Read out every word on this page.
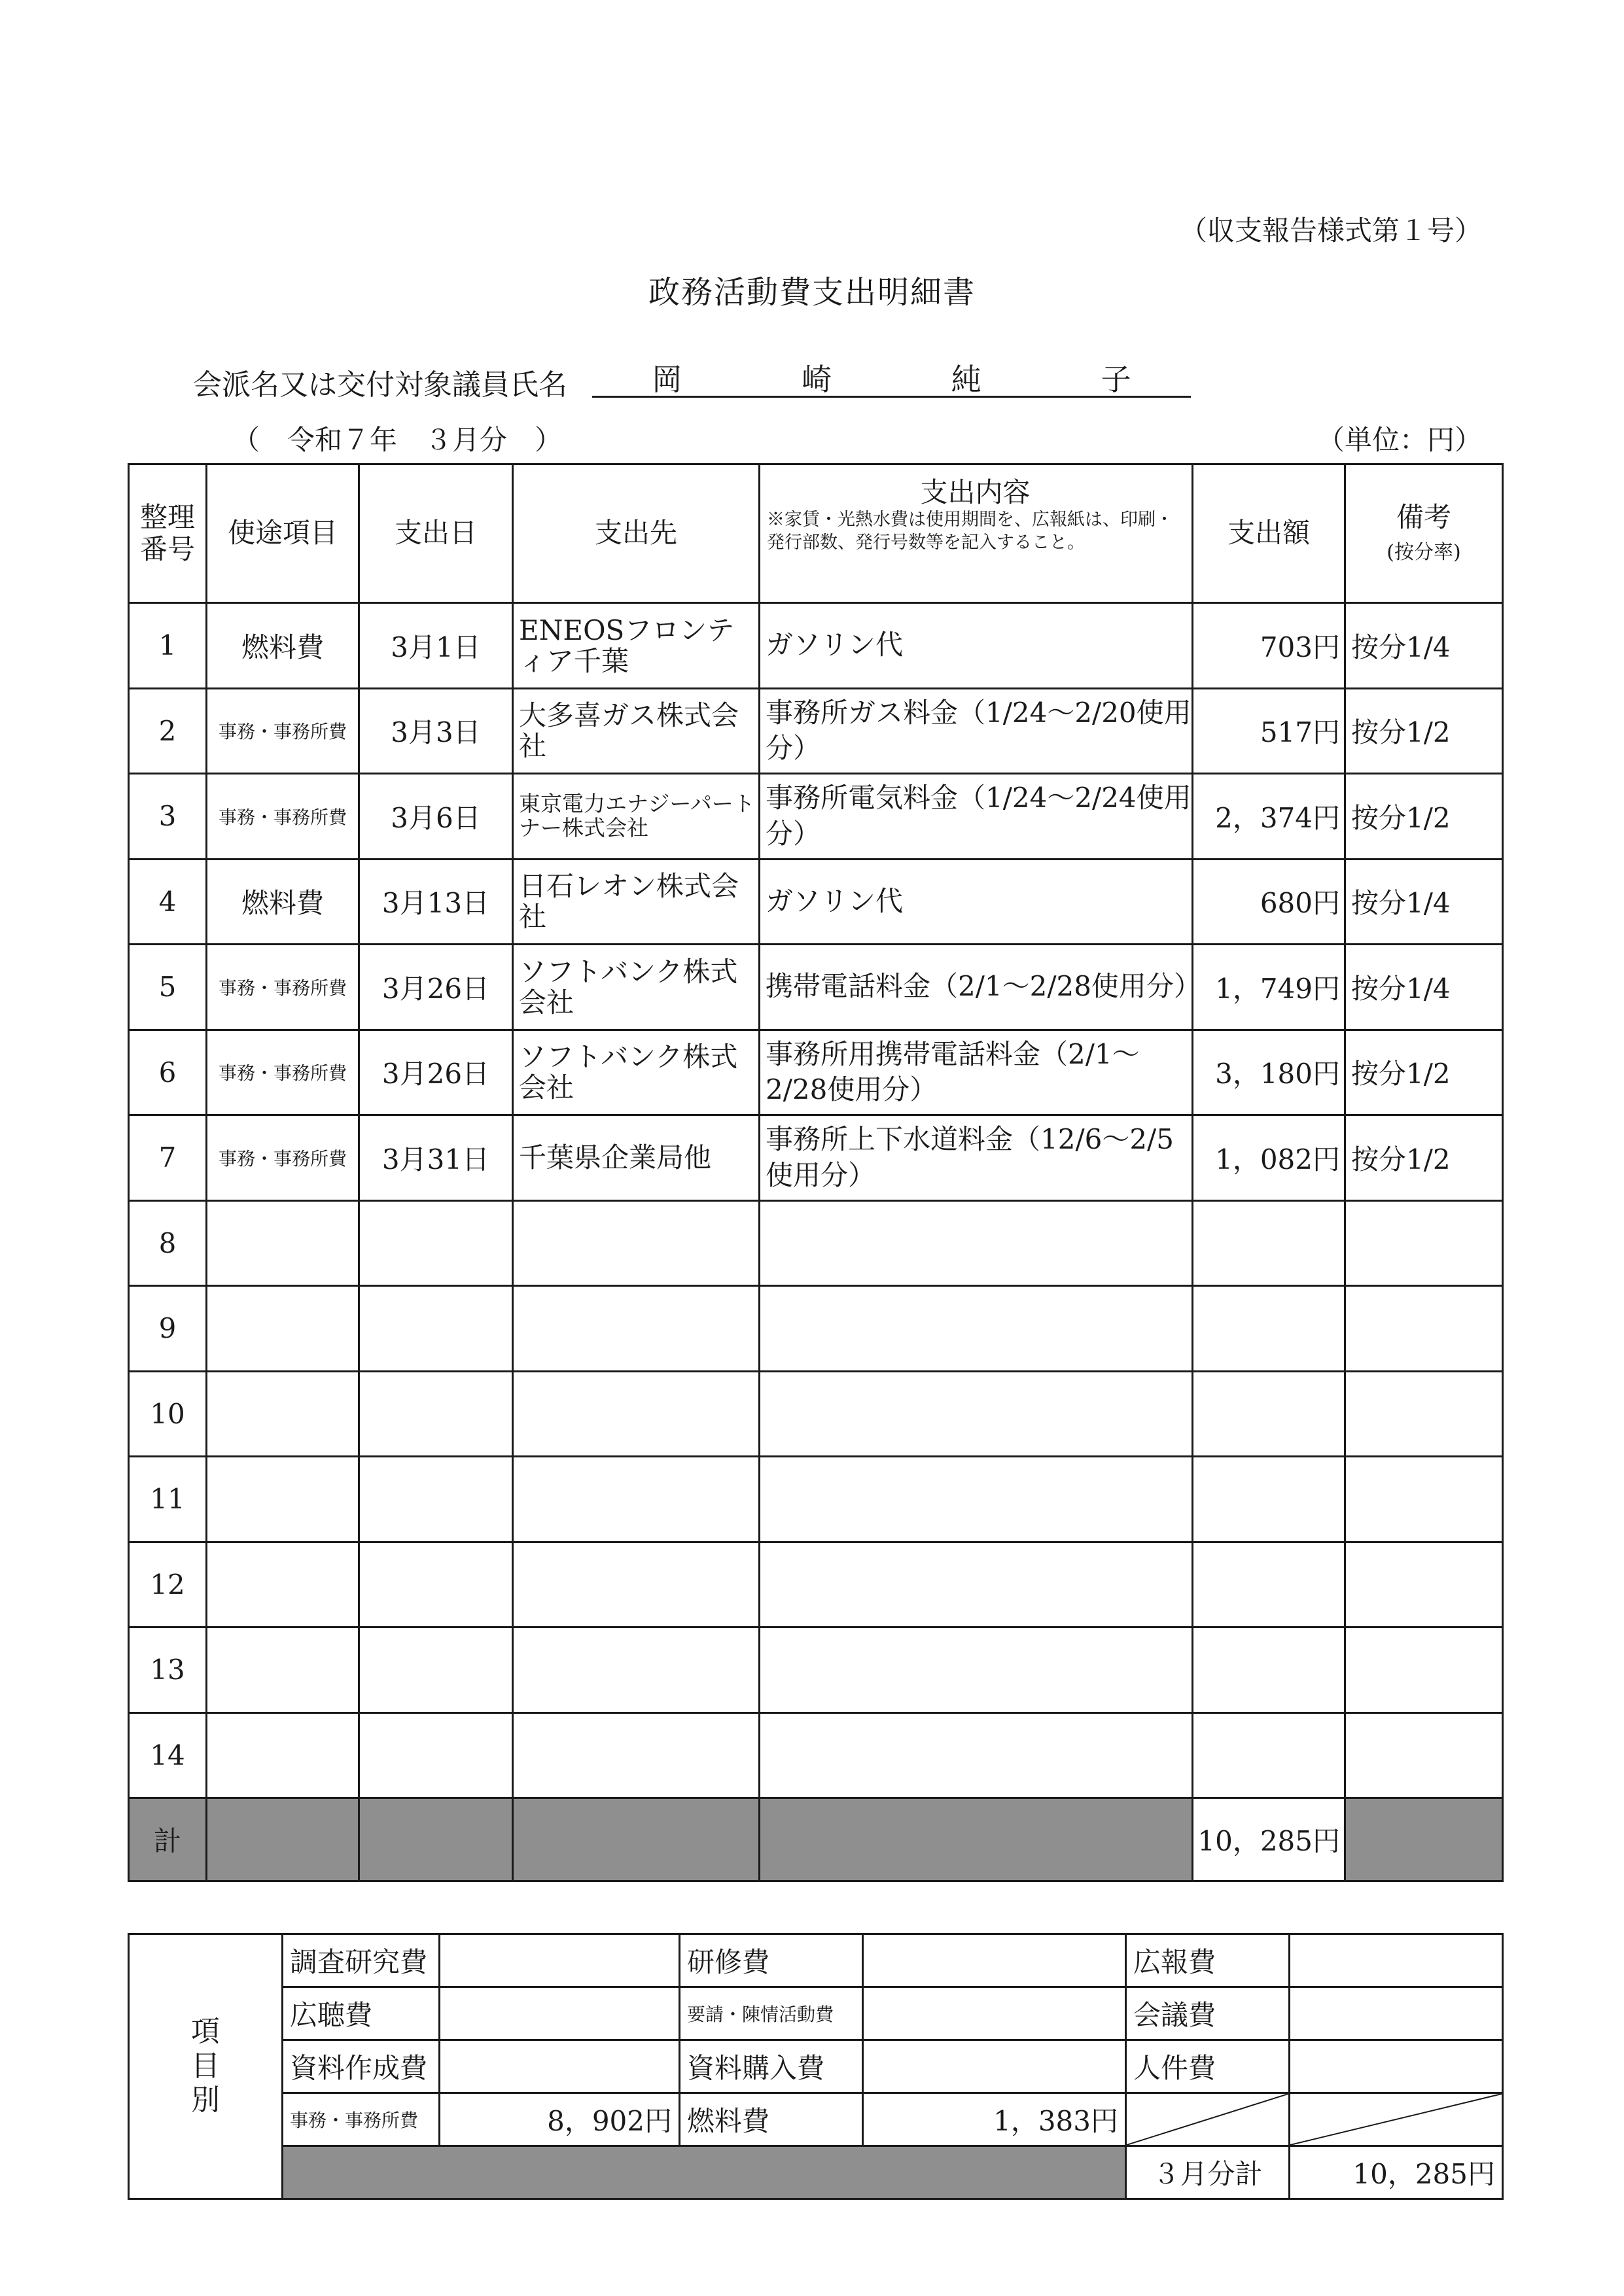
（収支報告様式第１号）
政務活動費支出明細書
会派名又は交付対象議員氏名	岡	崎	純	子
（　令和７年　３月分　）	（単位：円）
整理
番号	使途項目	支出日	支出先	支出内容
※家賃・光熱水費は使用期間を、広報紙は、印刷・発行部数、発行号数等を記入すること。	支出額	備考
(按分率)
1	燃料費	3月1日	ENEOSフロンティア千葉	ガソリン代	703円	按分1/4
2	事務・事務所費	3月3日	大多喜ガス株式会社	事務所ガス料金（1/24～2/20使用分）	517円	按分1/2
3	事務・事務所費	3月6日	東京電力エナジーパートナー株式会社	事務所電気料金（1/24～2/24使用分）	2，374円	按分1/2
4	燃料費	3月13日	日石レオン株式会社	ガソリン代	680円	按分1/4
5	事務・事務所費	3月26日	ソフトバンク株式会社	携帯電話料金（2/1～2/28使用分）	1，749円	按分1/4
6	事務・事務所費	3月26日	ソフトバンク株式会社	事務所用携帯電話料金（2/1～2/28使用分）	3，180円	按分1/2
7	事務・事務所費	3月31日	千葉県企業局他	事務所上下水道料金（12/6～2/5使用分）	1，082円	按分1/2
8						
9						
10						
11						
12						
13						
14						
計					10，285円	
項目別	調査研究費		研修費		広報費	
	広聴費		要請・陳情活動費		会議費	
	資料作成費		資料購入費		人件費	
	事務・事務所費	8，902円	燃料費	1，383円	

					３月分計	10，285円
